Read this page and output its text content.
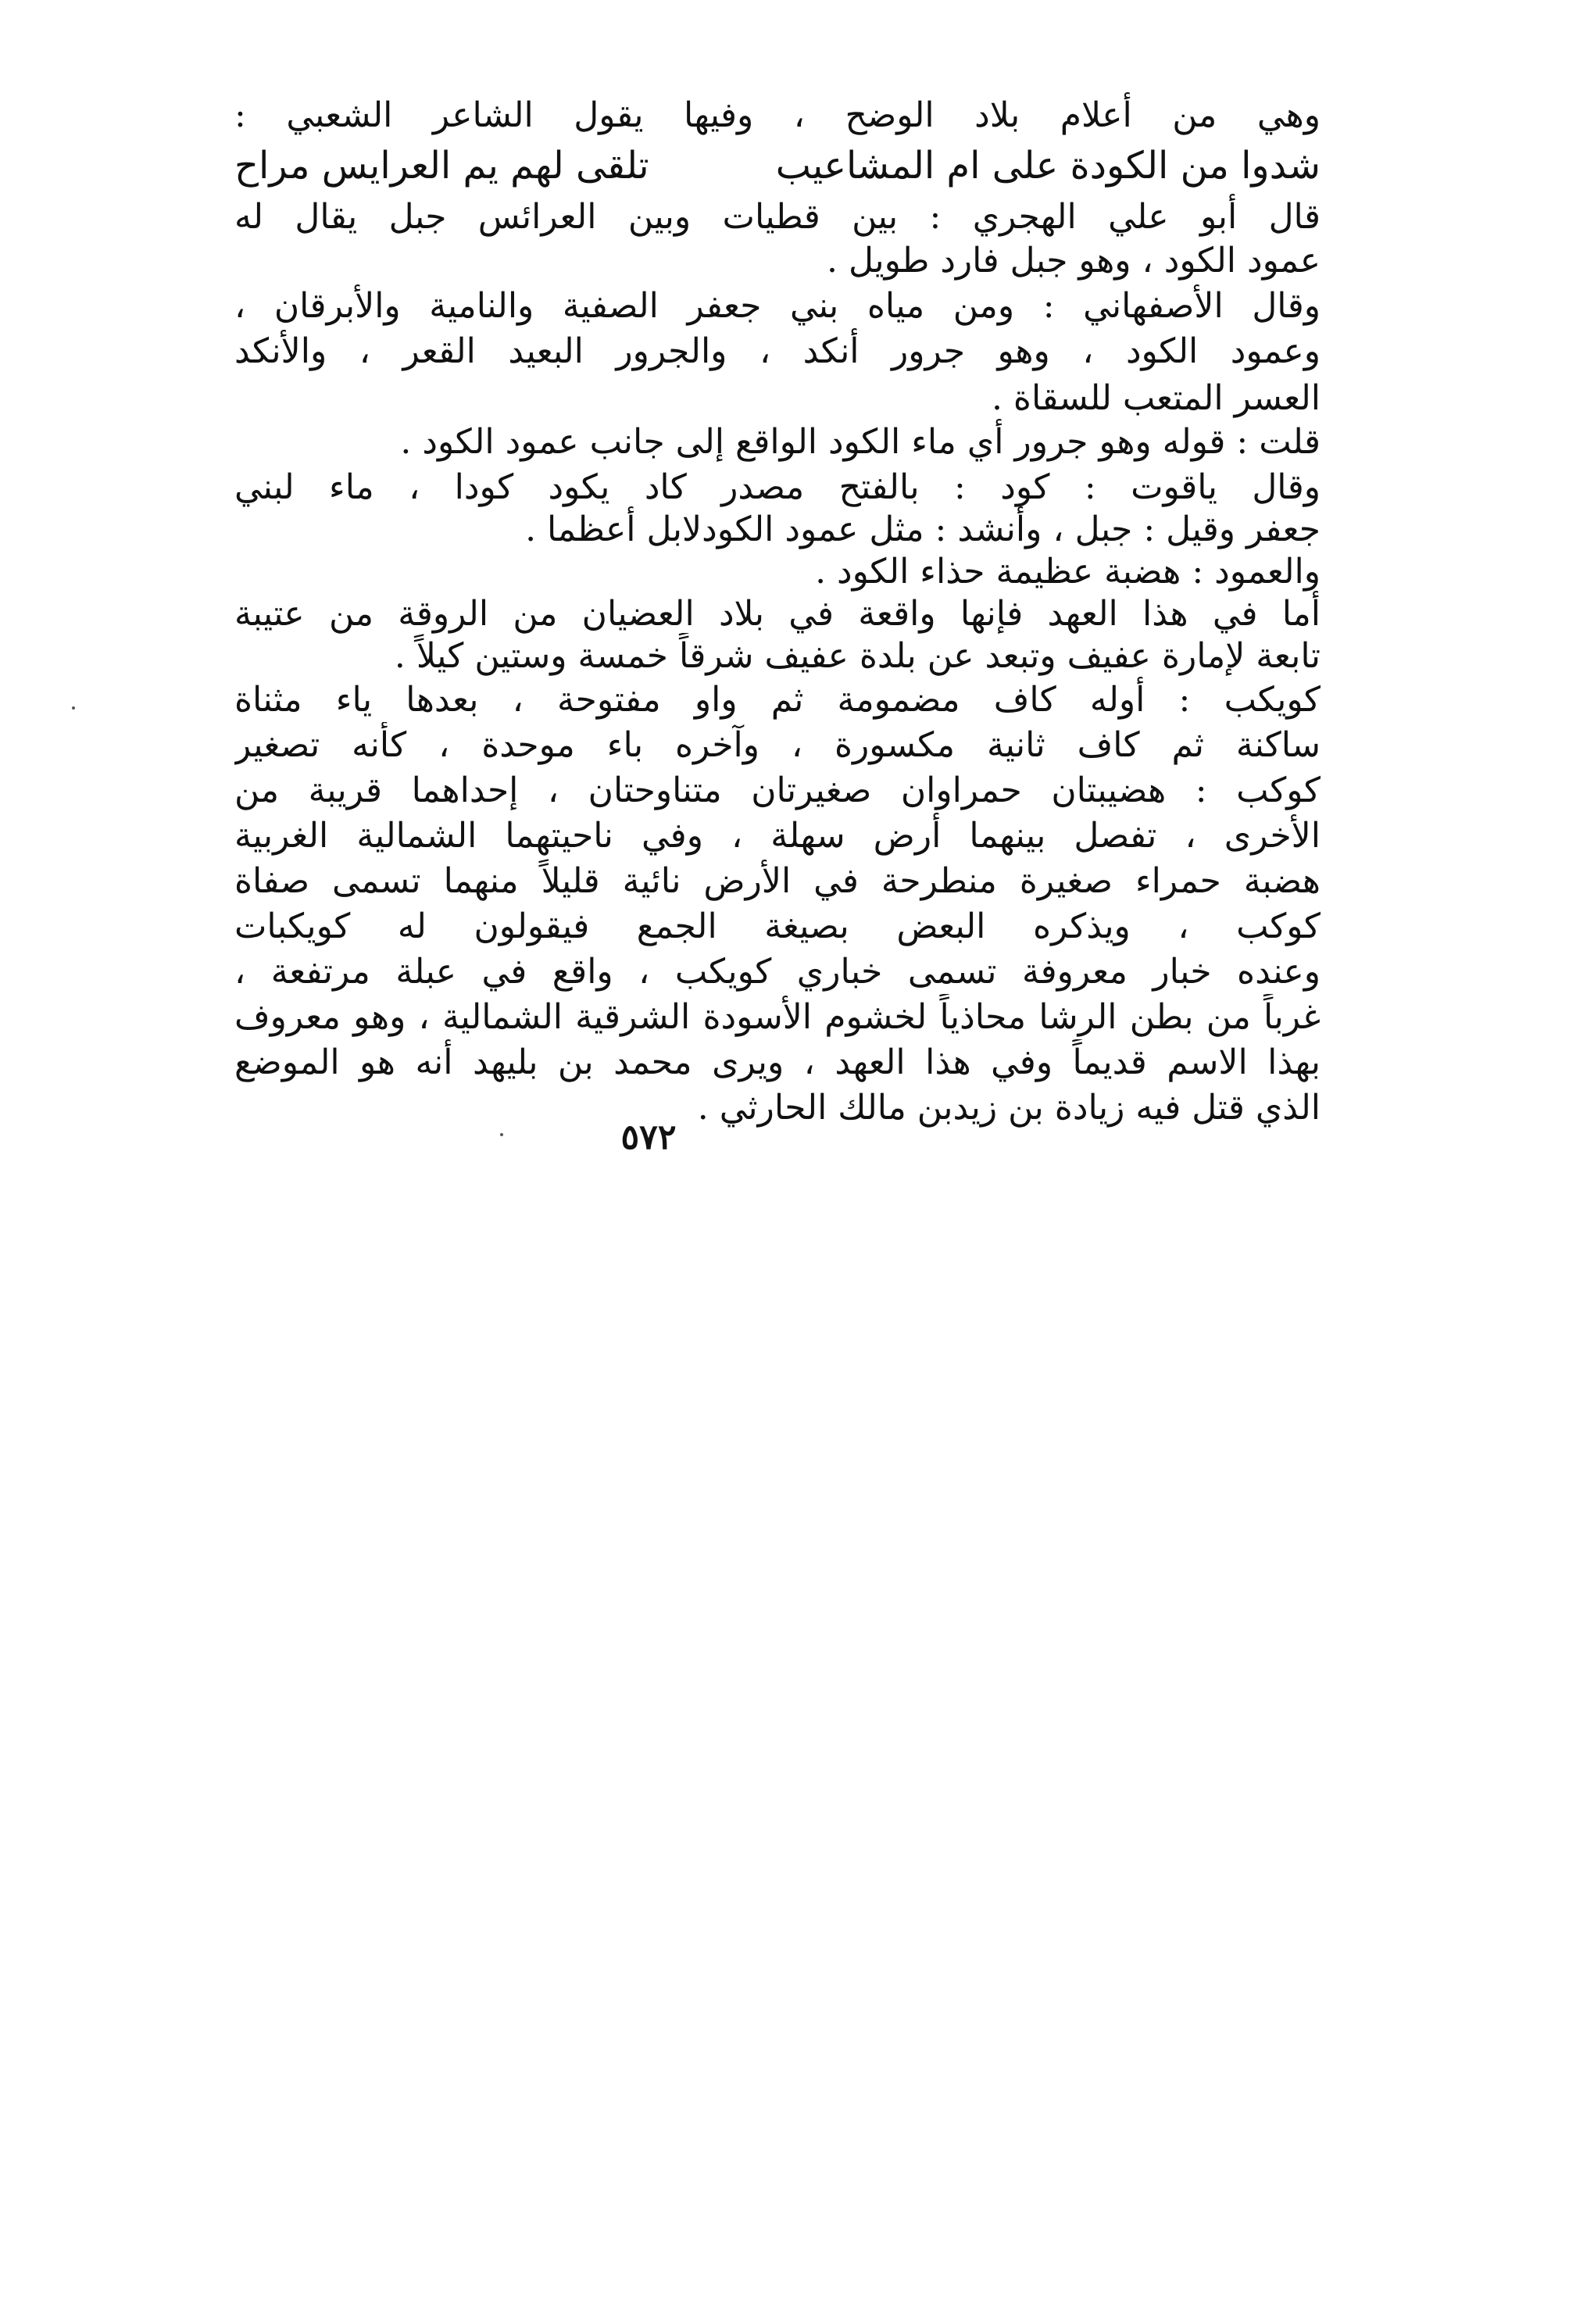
وهي من أعلام بلاد الوضح ، وفيها يقول الشاعر الشعبي :
شدوا من الكودة على ام المشاعيب
تلقى لهم يم العرايس مراح
قال أبو علي الهجري : بين قطيات وبين العرائس جبل يقال له
عمود الكود ، وهو جبل فارد طويل .
وقال الأصفهاني : ومن مياه بني جعفر الصفية والنامية والأبرقان ،
وعمود الكود ، وهو جرور أنكد ، والجرور البعيد القعر ، والأنكد
العسر المتعب للسقاة .
قلت : قوله وهو جرور أي ماء الكود الواقع إلى جانب عمود الكود .
وقال ياقوت : كود : بالفتح مصدر كاد يكود كودا ، ماء لبني
جعفر وقيل : جبل ، وأنشد : مثل عمود الكودلابل أعظما .
والعمود : هضبة عظيمة حذاء الكود .
أما في هذا العهد فإنها واقعة في بلاد العضيان من الروقة من عتيبة
تابعة لإمارة عفيف وتبعد عن بلدة عفيف شرقاً خمسة وستين كيلاً .
كويكب : أوله كاف مضمومة ثم واو مفتوحة ، بعدها ياء مثناة
ساكنة ثم كاف ثانية مكسورة ، وآخره باء موحدة ، كأنه تصغير
كوكب : هضيبتان حمراوان صغيرتان متناوحتان ، إحداهما قريبة من
الأخرى ، تفصل بينهما أرض سهلة ، وفي ناحيتهما الشمالية الغربية
هضبة حمراء صغيرة منطرحة في الأرض نائية قليلاً منهما تسمى صفاة
كوكب ، ويذكره البعض بصيغة الجمع فيقولون له كويكبات
وعنده خبار معروفة تسمى خباري كويكب ، واقع في عبلة مرتفعة ،
غرباً من بطن الرشا محاذياً لخشوم الأسودة الشرقية الشمالية ، وهو معروف
بهذا الاسم قديماً وفي هذا العهد ، ويرى محمد بن بليهد أنه هو الموضع
الذي قتل فيه زيادة بن زيدبن مالك الحارثي .
٥٧٢
